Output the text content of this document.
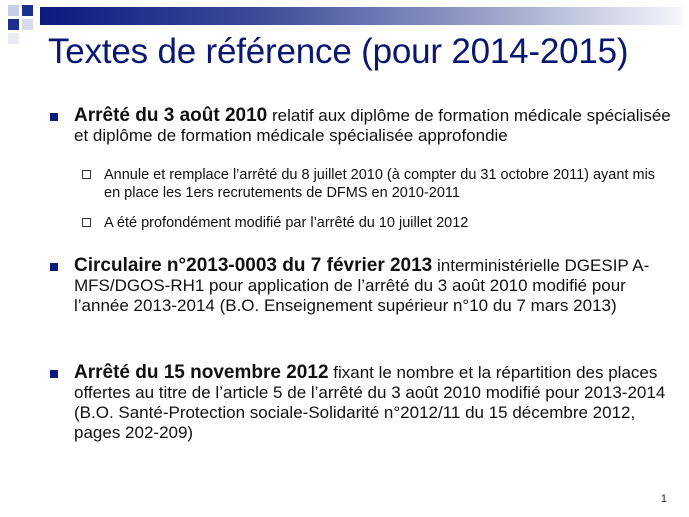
Textes de référence (pour 2014-2015)

Arrêté du 3 août 2010 relatif aux diplôme de formation médicale spécialisée et diplôme de formation médicale spécialisée approfondie

Annule et remplace l’arrêté du 8 juillet 2010 (à compter du 31 octobre 2011) ayant mis en place les 1ers recrutements de DFMS en 2010-2011

A été profondément modifié par l’arrêté du 10 juillet 2012

Circulaire n°2013-0003 du 7 février 2013 interministérielle DGESIP A-MFS/DGOS-RH1 pour application de l’arrêté du 3 août 2010 modifié pour l’année 2013-2014 (B.O. Enseignement supérieur n°10 du 7 mars 2013)

Arrêté du 15 novembre 2012 fixant le nombre et la répartition des places offertes au titre de l’article 5 de l’arrêté du 3 août 2010 modifié pour 2013-2014 (B.O. Santé-Protection sociale-Solidarité n°2012/11 du 15 décembre 2012, pages 202-209)

1
